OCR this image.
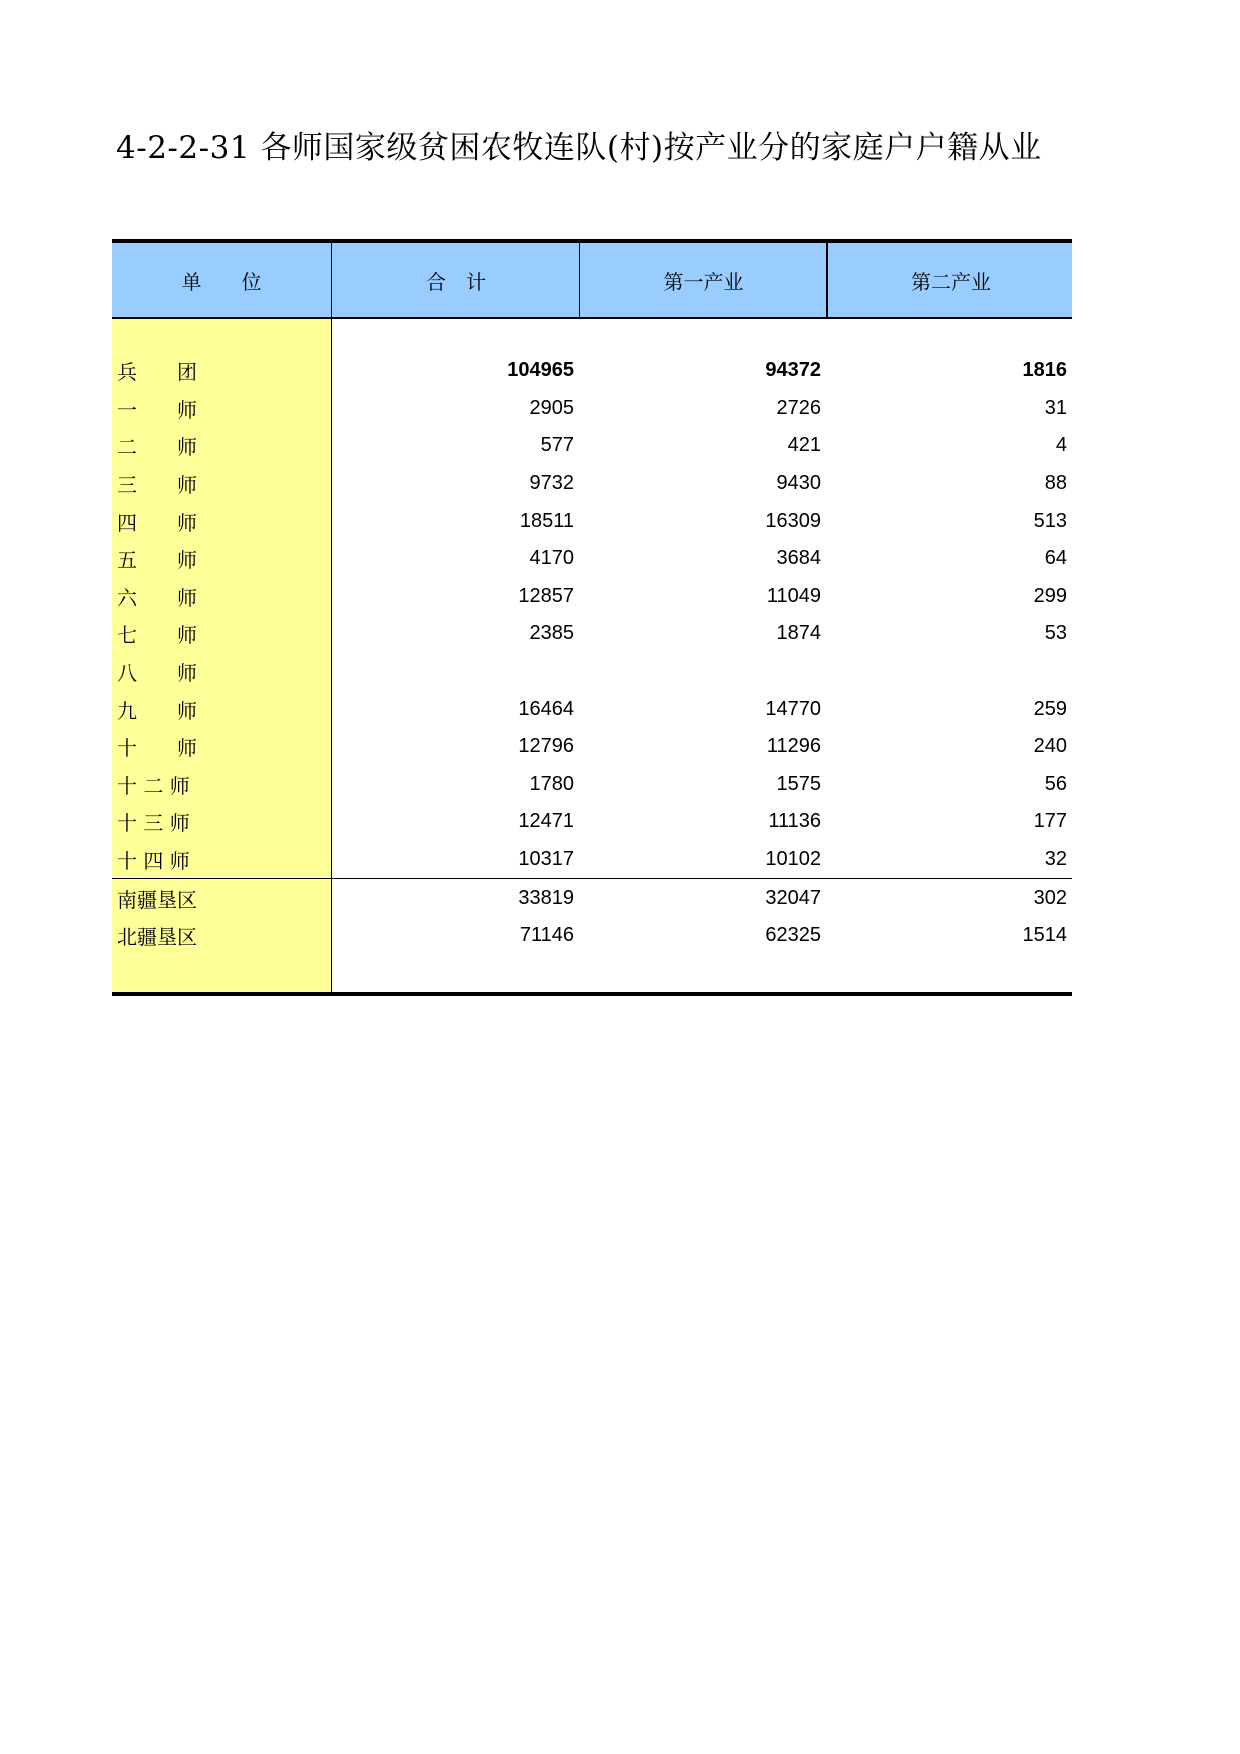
4-2-2-31 各师国家级贫困农牧连队(村)按产业分的家庭户户籍从业
单　　位	合　计	第一产业	第二产业
兵　　团	104965	94372	1816
一　　师	2905	2726	31
二　　师	577	421	4
三　　师	9732	9430	88
四　　师	18511	16309	513
五　　师	4170	3684	64
六　　师	12857	11049	299
七　　师	2385	1874	53
八　　师
九　　师	16464	14770	259
十　　师	12796	11296	240
十 二 师	1780	1575	56
十 三 师	12471	11136	177
十 四 师	10317	10102	32
南疆垦区	33819	32047	302
北疆垦区	71146	62325	1514
